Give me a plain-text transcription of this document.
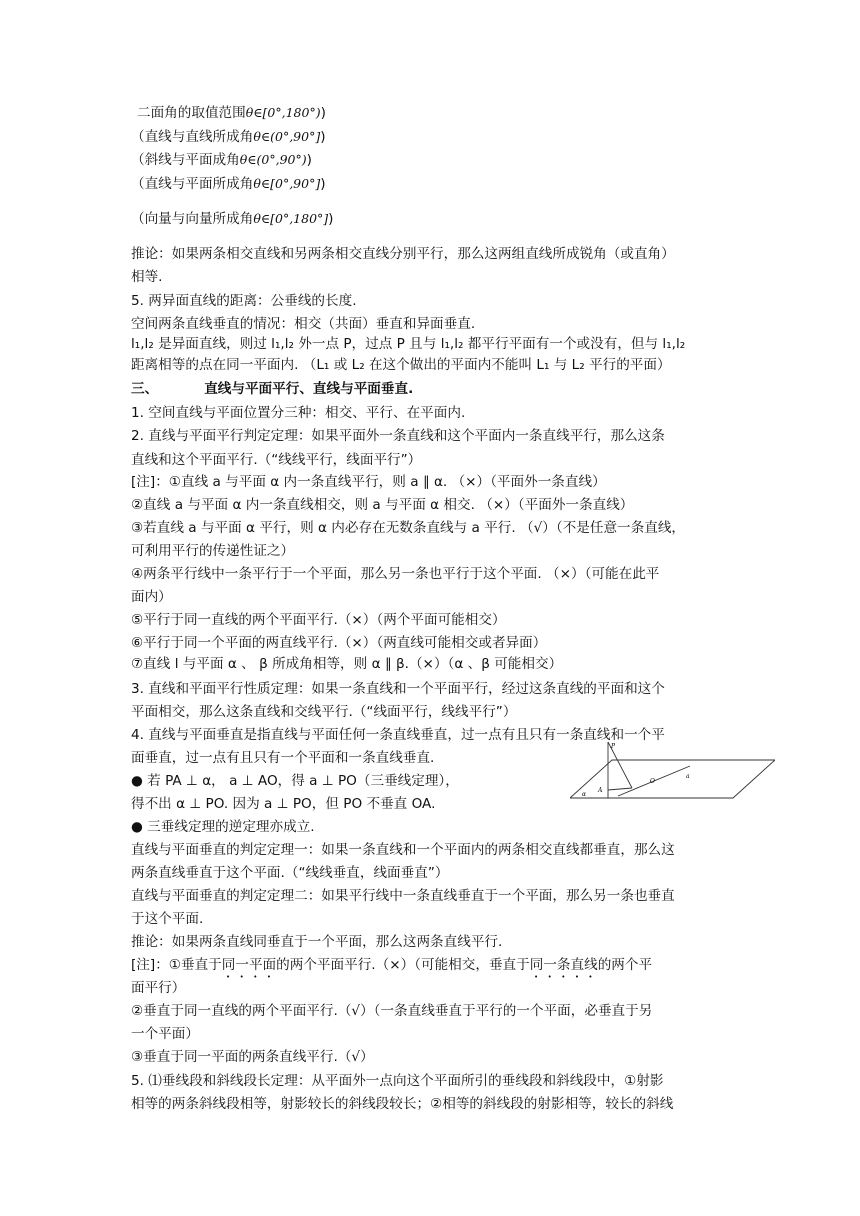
二面角的取值范围θ∈[0°,180°))
（直线与直线所成角θ∈(0°,90°])
（斜线与平面成角θ∈(0°,90°))
（直线与平面所成角θ∈[0°,90°])
（向量与向量所成角θ∈[0°,180°])
推论：如果两条相交直线和另两条相交直线分别平行，那么这两组直线所成锐角（或直角）
相等.
5. 两异面直线的距离：公垂线的长度.
空间两条直线垂直的情况：相交（共面）垂直和异面垂直.
l₁,l₂ 是异面直线，则过 l₁,l₂ 外一点 P，过点 P 且与 l₁,l₂ 都平行平面有一个或没有，但与 l₁,l₂
距离相等的点在同一平面内. （L₁ 或 L₂ 在这个做出的平面内不能叫 L₁ 与 L₂ 平行的平面）
三、	直线与平面平行、直线与平面垂直.
1. 空间直线与平面位置分三种：相交、平行、在平面内.
2. 直线与平面平行判定定理：如果平面外一条直线和这个平面内一条直线平行，那么这条
直线和这个平面平行.（“线线平行，线面平行”）
[注]：①直线 a 与平面 α 内一条直线平行，则 a ∥ α. （×）（平面外一条直线）
②直线 a 与平面 α 内一条直线相交，则 a 与平面 α 相交. （×）（平面外一条直线）
③若直线 a 与平面 α 平行，则 α 内必存在无数条直线与 a 平行. （√）（不是任意一条直线，
可利用平行的传递性证之）
④两条平行线中一条平行于一个平面，那么另一条也平行于这个平面. （×）（可能在此平
面内）
⑤平行于同一直线的两个平面平行.（×）（两个平面可能相交）
⑥平行于同一个平面的两直线平行.（×）（两直线可能相交或者异面）
⑦直线 l 与平面 α 、 β 所成角相等，则 α ∥ β.（×）（α 、β 可能相交）
3. 直线和平面平行性质定理：如果一条直线和一个平面平行，经过这条直线的平面和这个
平面相交，那么这条直线和交线平行.（“线面平行，线线平行”）
4. 直线与平面垂直是指直线与平面任何一条直线垂直，过一点有且只有一条直线和一个平
面垂直，过一点有且只有一个平面和一条直线垂直.
● 若 PA ⊥ α， a ⊥ AO，得 a ⊥ PO（三垂线定理），
得不出 α ⊥ PO. 因为 a ⊥ PO，但 PO 不垂直 OA.
● 三垂线定理的逆定理亦成立.
直线与平面垂直的判定定理一：如果一条直线和一个平面内的两条相交直线都垂直，那么这
两条直线垂直于这个平面.（“线线垂直，线面垂直”）
直线与平面垂直的判定定理二：如果平行线中一条直线垂直于一个平面，那么另一条也垂直
于这个平面.
推论：如果两条直线同垂直于一个平面，那么这两条直线平行.
[注]：①垂直于同一平面的两个平面平行.（×）（可能相交，垂直于同一条直线的两个平
面平行）
②垂直于同一直线的两个平面平行.（√）（一条直线垂直于平行的一个平面，必垂直于另
一个平面）
③垂直于同一平面的两条直线平行.（√）
5. ⑴垂线段和斜线段长定理：从平面外一点向这个平面所引的垂线段和斜线段中，①射影
相等的两条斜线段相等，射影较长的斜线段较长；②相等的斜线段的射影相等，较长的斜线
P
O
a
A
α
